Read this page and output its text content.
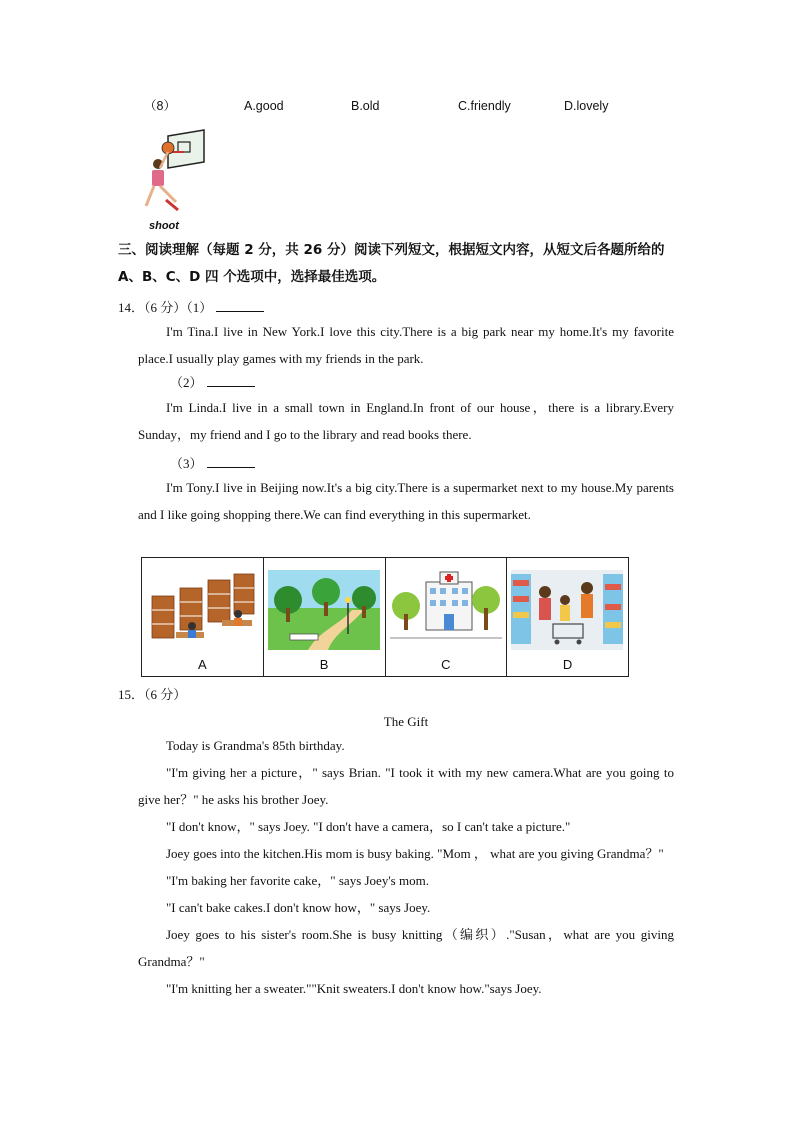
（8）	A.good	B.old	C.friendly	D.lovely
shoot
三、阅读理解（每题 2 分，共 26 分）阅读下列短文，根据短文内容，从短文后各题所给的
A、B、C、D 四 个选项中，选择最佳选项。
14．（6 分）（1）
I'm Tina.I live in New York.I love this city.There is a big park near my home.It's my favorite place.I usually play games with my friends in the park.
（2）
I'm Linda.I live in a small town in England.In front of our house，there is a library.Every Sunday，my friend and I go to the library and read books there.
（3）
I'm Tony.I live in Beijing now.It's a big city.There is a supermarket next to my house.My parents and I like going shopping there.We can find everything in this supermarket.
A	B	C	D
15．（6 分）
The Gift
Today is Grandma's 85th birthday.
"I'm giving her a picture，" says Brian. "I took it with my new camera.What are you going to give her？" he asks his brother Joey.
"I don't know，" says Joey. "I don't have a camera，so I can't take a picture."
Joey goes into the kitchen.His mom is busy baking. "Mom ， what are you giving Grandma？"
"I'm baking her favorite cake，" says Joey's mom.
"I can't bake cakes.I don't know how，" says Joey.
Joey goes to his sister's room.She is busy knitting（编织）."Susan，what are you giving Grandma？"
"I'm knitting her a sweater.""Knit sweaters.I don't know how."says Joey.
